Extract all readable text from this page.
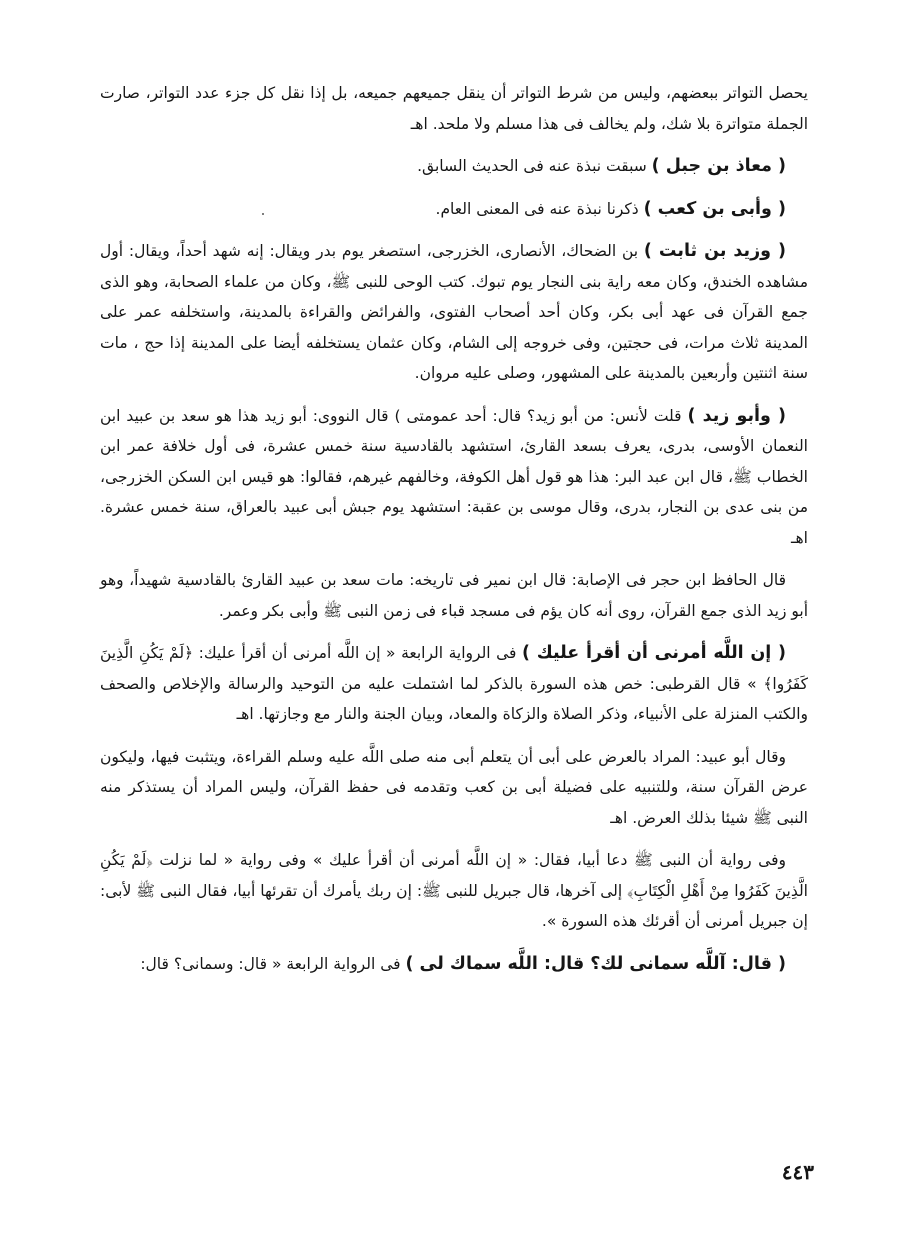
يحصل التواتر ببعضهم، وليس من شرط التواتر أن ينقل جميعهم جميعه، بل إذا نقل كل جزء عدد التواتر، صارت الجملة متواترة بلا شك، ولم يخالف فى هذا مسلم ولا ملحد. اهـ

( معاذ بن جبل ) سبقت نبذة عنه فى الحديث السابق.

( وأبى بن كعب ) ذكرنا نبذة عنه فى المعنى العام.

( وزيد بن ثابت ) بن الضحاك، الأنصارى، الخزرجى، استصغر يوم بدر ويقال: إنه شهد أحداً، ويقال: أول مشاهده الخندق، وكان معه راية بنى النجار يوم تبوك. كتب الوحى للنبى ﷺ، وكان من علماء الصحابة، وهو الذى جمع القرآن فى عهد أبى بكر، وكان أحد أصحاب الفتوى، والفرائض والقراءة بالمدينة، واستخلفه عمر على المدينة ثلاث مرات، فى حجتين، وفى خروجه إلى الشام، وكان عثمان يستخلفه أيضا على المدينة إذا حج ، مات سنة اثنتين وأربعين بالمدينة على المشهور، وصلى عليه مروان.

( وأبو زيد ) قلت لأنس: من أبو زيد؟ قال: أحد عمومتى ) قال النووى: أبو زيد هذا هو سعد بن عبيد ابن النعمان الأوسى، بدرى، يعرف بسعد القارئ، استشهد بالقادسية سنة خمس عشرة، فى أول خلافة عمر ابن الخطاب ﷺ، قال ابن عبد البر: هذا هو قول أهل الكوفة، وخالفهم غيرهم، فقالوا: هو قيس ابن السكن الخزرجى، من بنى عدى بن النجار، بدرى، وقال موسى بن عقبة: استشهد يوم جبش أبى عبيد بالعراق، سنة خمس عشرة. اهـ

قال الحافظ ابن حجر فى الإصابة: قال ابن نمير فى تاريخه: مات سعد بن عبيد القارئ بالقادسية شهيداً، وهو أبو زيد الذى جمع القرآن، روى أنه كان يؤم فى مسجد قباء فى زمن النبى ﷺ وأبى بكر وعمر.

( إن اللَّه أمرنى أن أقرأ عليك ) فى الرواية الرابعة « إن اللَّه أمرنى أن أقرأ عليك: ﴿لَمْ يَكُنِ الَّذِينَ كَفَرُوا﴾ » قال القرطبى: خص هذه السورة بالذكر لما اشتملت عليه من التوحيد والرسالة والإخلاص والصحف والكتب المنزلة على الأنبياء، وذكر الصلاة والزكاة والمعاد، وبيان الجنة والنار مع وجازتها. اهـ

وقال أبو عبيد: المراد بالعرض على أبى أن يتعلم أبى منه صلى اللَّه عليه وسلم القراءة، ويتثبت فيها، وليكون عرض القرآن سنة، وللتنبيه على فضيلة أبى بن كعب وتقدمه فى حفظ القرآن، وليس المراد أن يستذكر منه النبى ﷺ شيئا بذلك العرض. اهـ

وفى رواية أن النبى ﷺ دعا أبيا، فقال: « إن اللَّه أمرنى أن أقرأ عليك » وفى رواية « لما نزلت ﴿لَمْ يَكُنِ الَّذِينَ كَفَرُوا مِنْ أَهْلِ الْكِتَابِ﴾ إلى آخرها، قال جبريل للنبى ﷺ: إن ربك يأمرك أن تقرئها أبيا، فقال النبى ﷺ لأبى: إن جبريل أمرنى أن أقرئك هذه السورة ».

( قال: آللَّه سمانى لك؟ قال: اللَّه سماك لى ) فى الرواية الرابعة « قال: وسمانى؟ قال:

٤٤٣
